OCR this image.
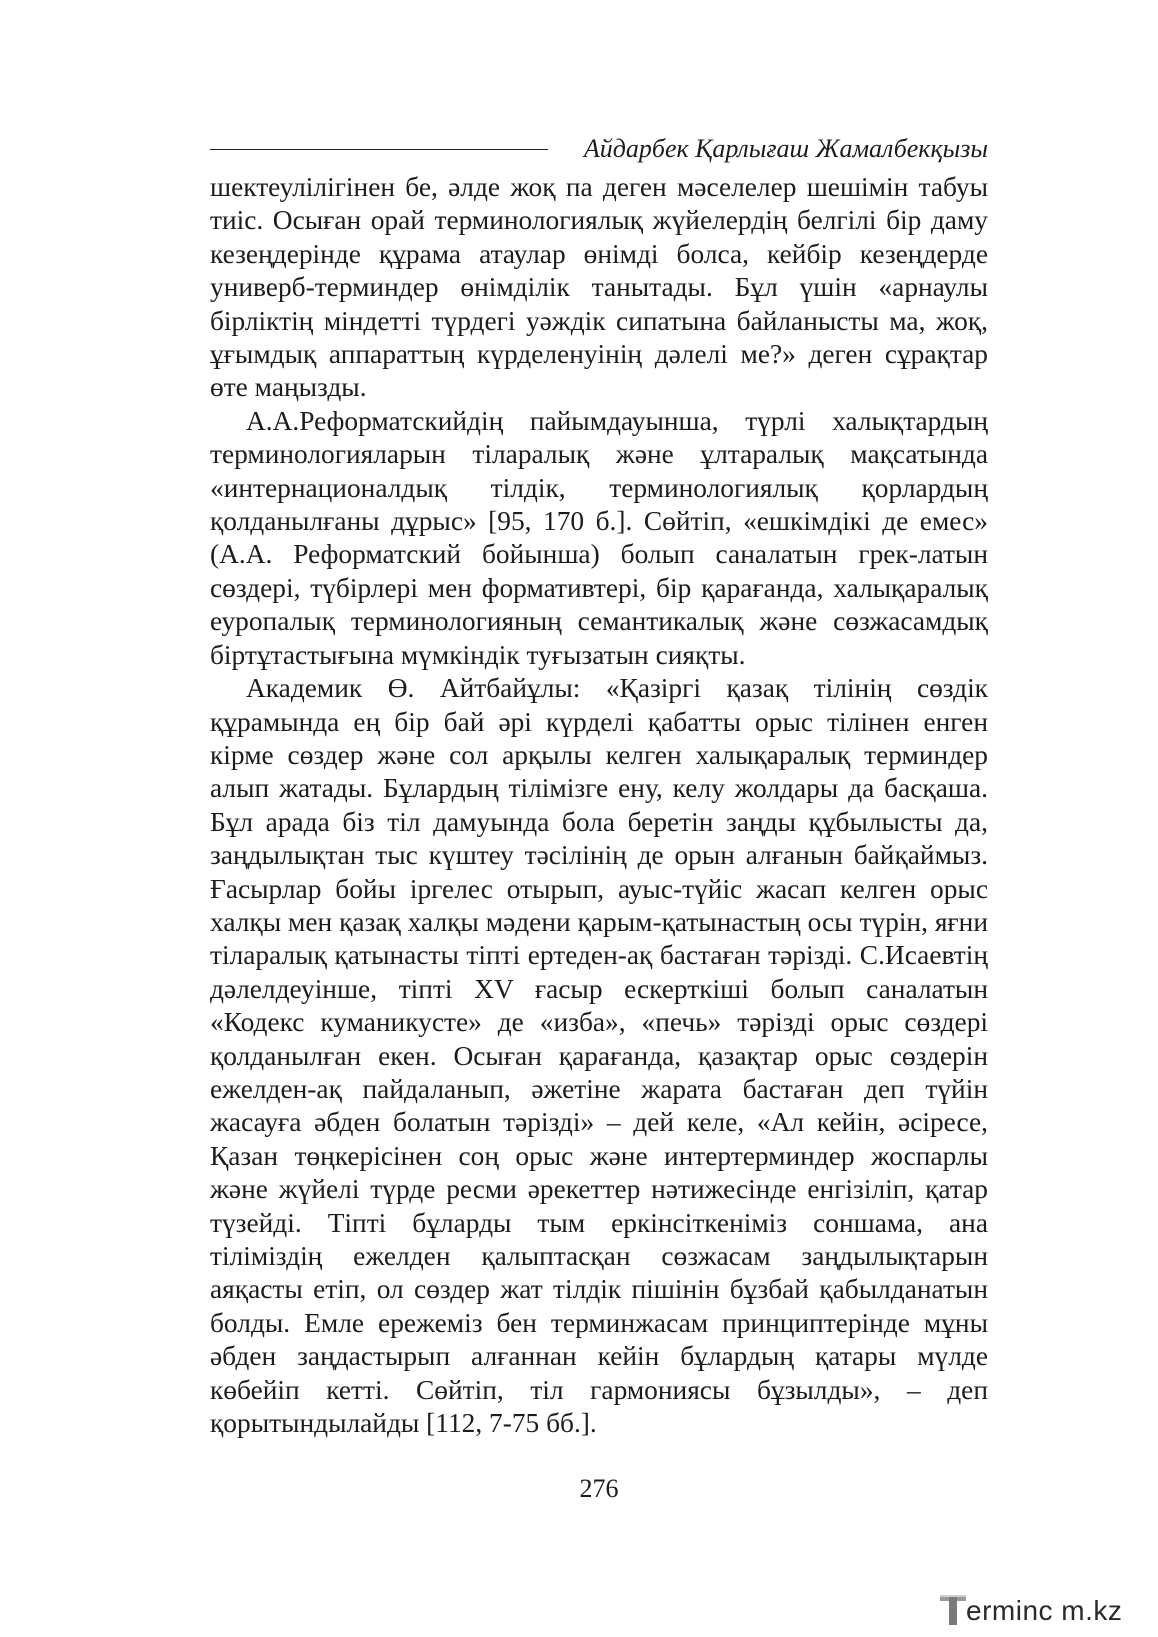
Айдарбек Қарлығаш Жамалбекқызы

шектеулілігінен бе, әлде жоқ па деген мәселелер шешімін табуы тиіс. Осыған орай терминологиялық жүйелердің белгілі бір даму кезеңдерінде құрама атаулар өнімді болса, кейбір кезеңдерде универб-терминдер өнімділік танытады. Бұл үшін «арнаулы бірліктің міндетті түрдегі уәждік сипатына байланысты ма, жоқ, ұғымдық аппараттың күрделенуінің дәлелі ме?» деген сұрақтар өте маңызды.

А.А.Реформатскийдің пайымдауынша, түрлі халықтардың терминологияларын тіларалық және ұлтаралық мақсатында «интернационалдық тілдік, терминологиялық қорлардың қолданылғаны дұрыс» [95, 170 б.]. Сөйтіп, «ешкімдікі де емес» (А.А. Реформатский бойынша) болып саналатын грек-латын сөздері, түбірлері мен формативтері, бір қарағанда, халықаралық еуропалық терминологияның семантикалық және сөзжасамдық біртұтастығына мүмкіндік туғызатын сияқты.

Академик Ө. Айтбайұлы: «Қазіргі қазақ тілінің сөздік құрамында ең бір бай әрі күрделі қабатты орыс тілінен енген кірме сөздер және сол арқылы келген халықаралық терминдер алып жатады. Бұлардың тілімізге ену, келу жолдары да басқаша. Бұл арада біз тіл дамуында бола беретін заңды құбылысты да, заңдылықтан тыс күштеу тәсілінің де орын алғанын байқаймыз. Ғасырлар бойы іргелес отырып, ауыс-түйіс жасап келген орыс халқы мен қазақ халқы мәдени қарым-қатынастың осы түрін, яғни тіларалық қатынасты тіпті ертеден-ақ бастаған тәрізді. С.Исаевтің дәлелдеуінше, тіпті XV ғасыр ескерткіші болып саналатын «Кодекс куманикусте» де «изба», «печь» тәрізді орыс сөздері қолданылған екен. Осыған қарағанда, қазақтар орыс сөздерін ежелден-ақ пайдаланып, әжетіне жарата бастаған деп түйін жасауға әбден болатын тәрізді» – дей келе, «Ал кейін, әсіресе, Қазан төңкерісінен соң орыс және интертерминдер жоспарлы және жүйелі түрде ресми әрекеттер нәтижесінде енгізіліп, қатар түзейді. Тіпті бұларды тым еркінсіткеніміз соншама, ана тіліміздің ежелден қалыптасқан сөзжасам заңдылықтарын аяқасты етіп, ол сөздер жат тілдік пішінін бұзбай қабылданатын болды. Емле ережеміз бен терминжасам принциптерінде мұны әбден заңдастырып алғаннан кейін бұлардың қатары мүлде көбейіп кетті. Сөйтіп, тіл гармониясы бұзылды», – деп қорытындылайды [112, 7-75 бб.].

276
erminc m.kz
